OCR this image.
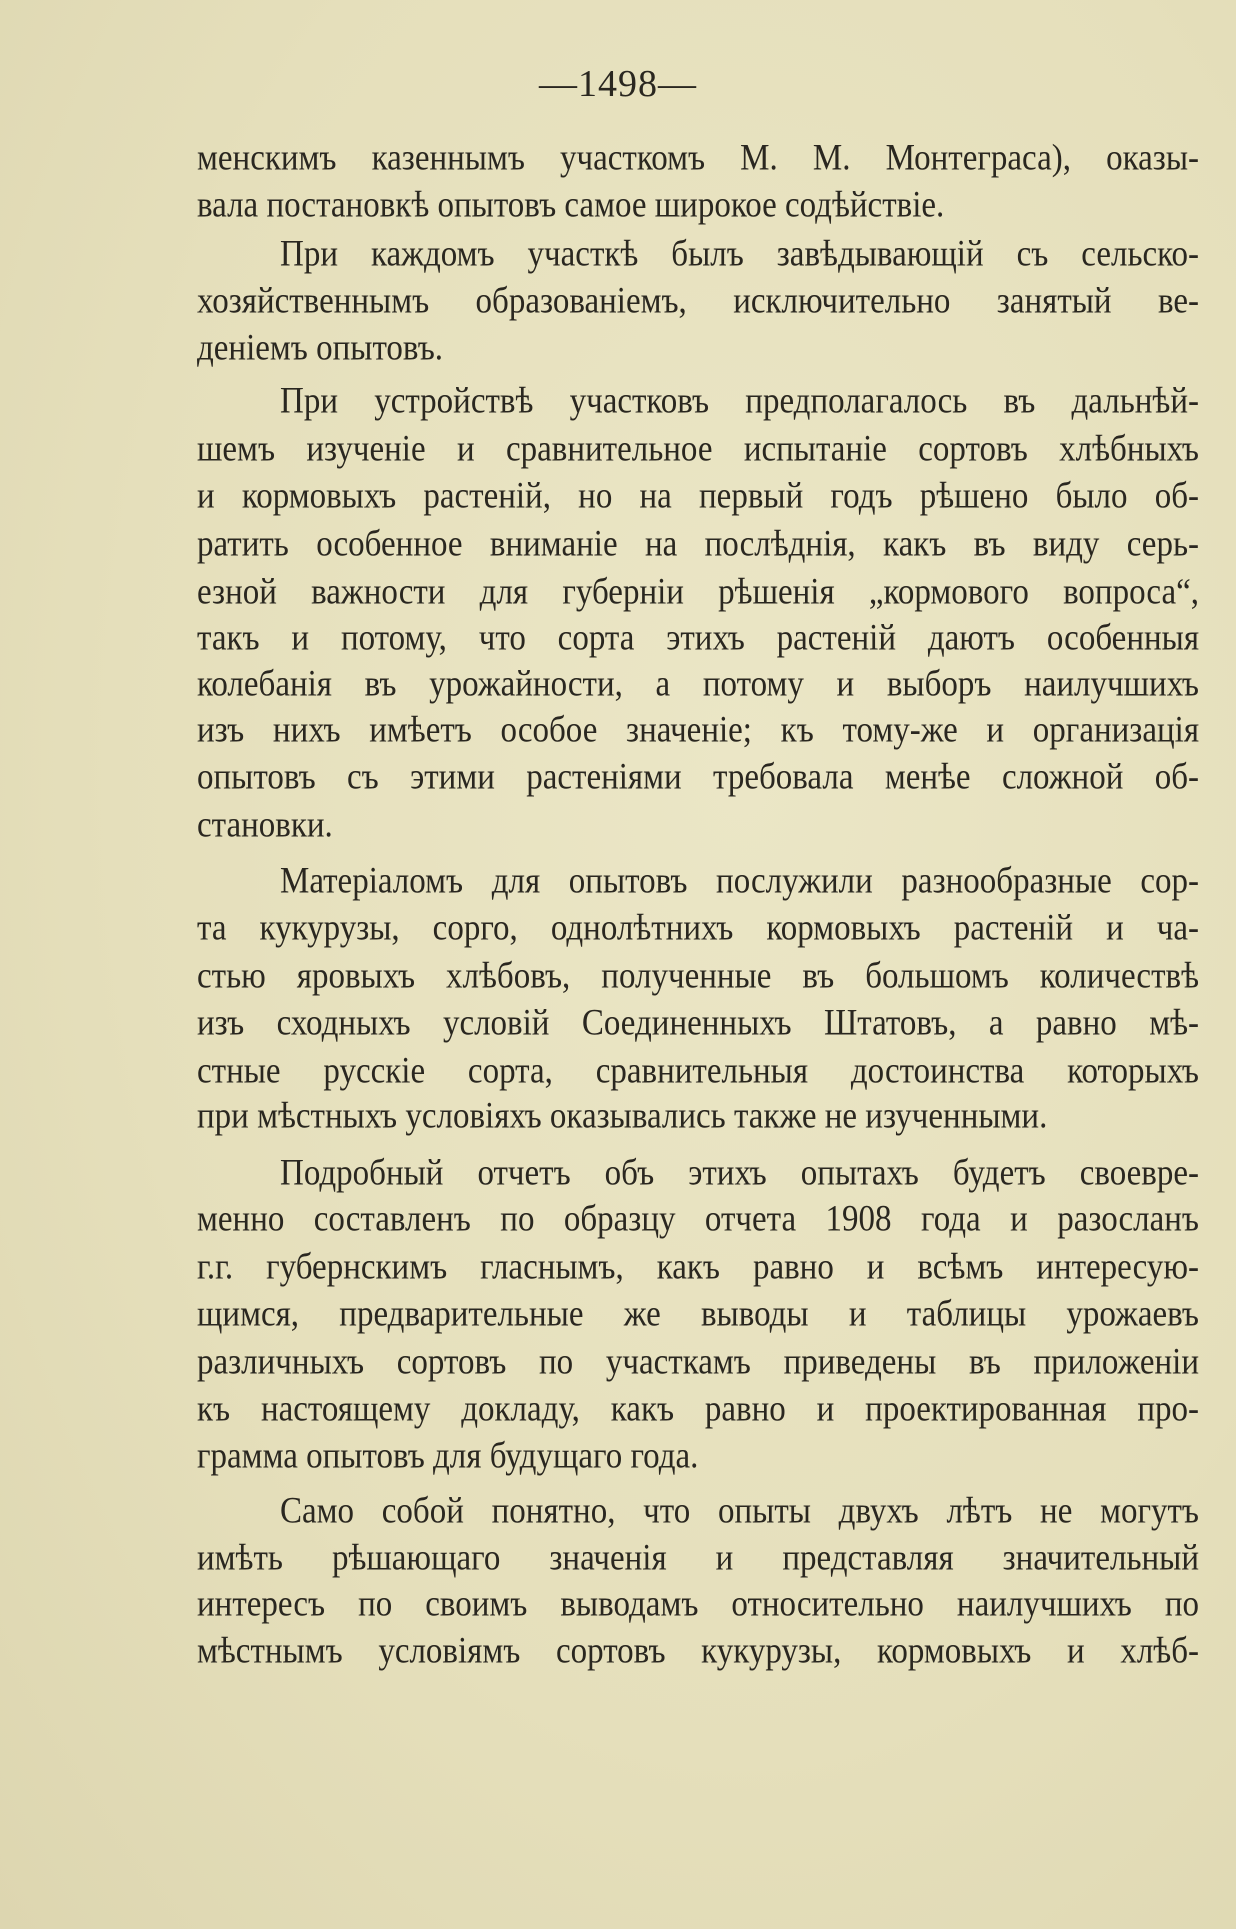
—1498—
менскимъ казеннымъ участкомъ М. М. Монтеграса), оказы-
вала постановкѣ опытовъ самое широкое содѣйствіе.
При каждомъ участкѣ былъ завѣдывающій съ сельско-
хозяйственнымъ образованіемъ, исключительно занятый ве-
деніемъ опытовъ.
При устройствѣ участковъ предполагалось въ дальнѣй-
шемъ изученіе и сравнительное испытаніе сортовъ хлѣбныхъ
и кормовыхъ растеній, но на первый годъ рѣшено было об-
ратить особенное вниманіе на послѣднія, какъ въ виду серь-
езной важности для губерніи рѣшенія „кормового вопроса“,
такъ и потому, что сорта этихъ растеній даютъ особенныя
колебанія въ урожайности, а потому и выборъ наилучшихъ
изъ нихъ имѣетъ особое значеніе; къ тому-же и организація
опытовъ съ этими растеніями требовала менѣе сложной об-
становки.
Матеріаломъ для опытовъ послужили разнообразные сор-
та кукурузы, сорго, однолѣтнихъ кормовыхъ растеній и ча-
стью яровыхъ хлѣбовъ, полученные въ большомъ количествѣ
изъ сходныхъ условій Соединенныхъ Штатовъ, а равно мѣ-
стные русскіе сорта, сравнительныя достоинства которыхъ
при мѣстныхъ условіяхъ оказывались также не изученными.
Подробный отчетъ объ этихъ опытахъ будетъ своевре-
менно составленъ по образцу отчета 1908 года и разосланъ
г.г. губернскимъ гласнымъ, какъ равно и всѣмъ интересую-
щимся, предварительные же выводы и таблицы урожаевъ
различныхъ сортовъ по участкамъ приведены въ приложеніи
къ настоящему докладу, какъ равно и проектированная про-
грамма опытовъ для будущаго года.
Само собой понятно, что опыты двухъ лѣтъ не могутъ
имѣть рѣшающаго значенія и представляя значительный
интересъ по своимъ выводамъ относительно наилучшихъ по
мѣстнымъ условіямъ сортовъ кукурузы, кормовыхъ и хлѣб-
